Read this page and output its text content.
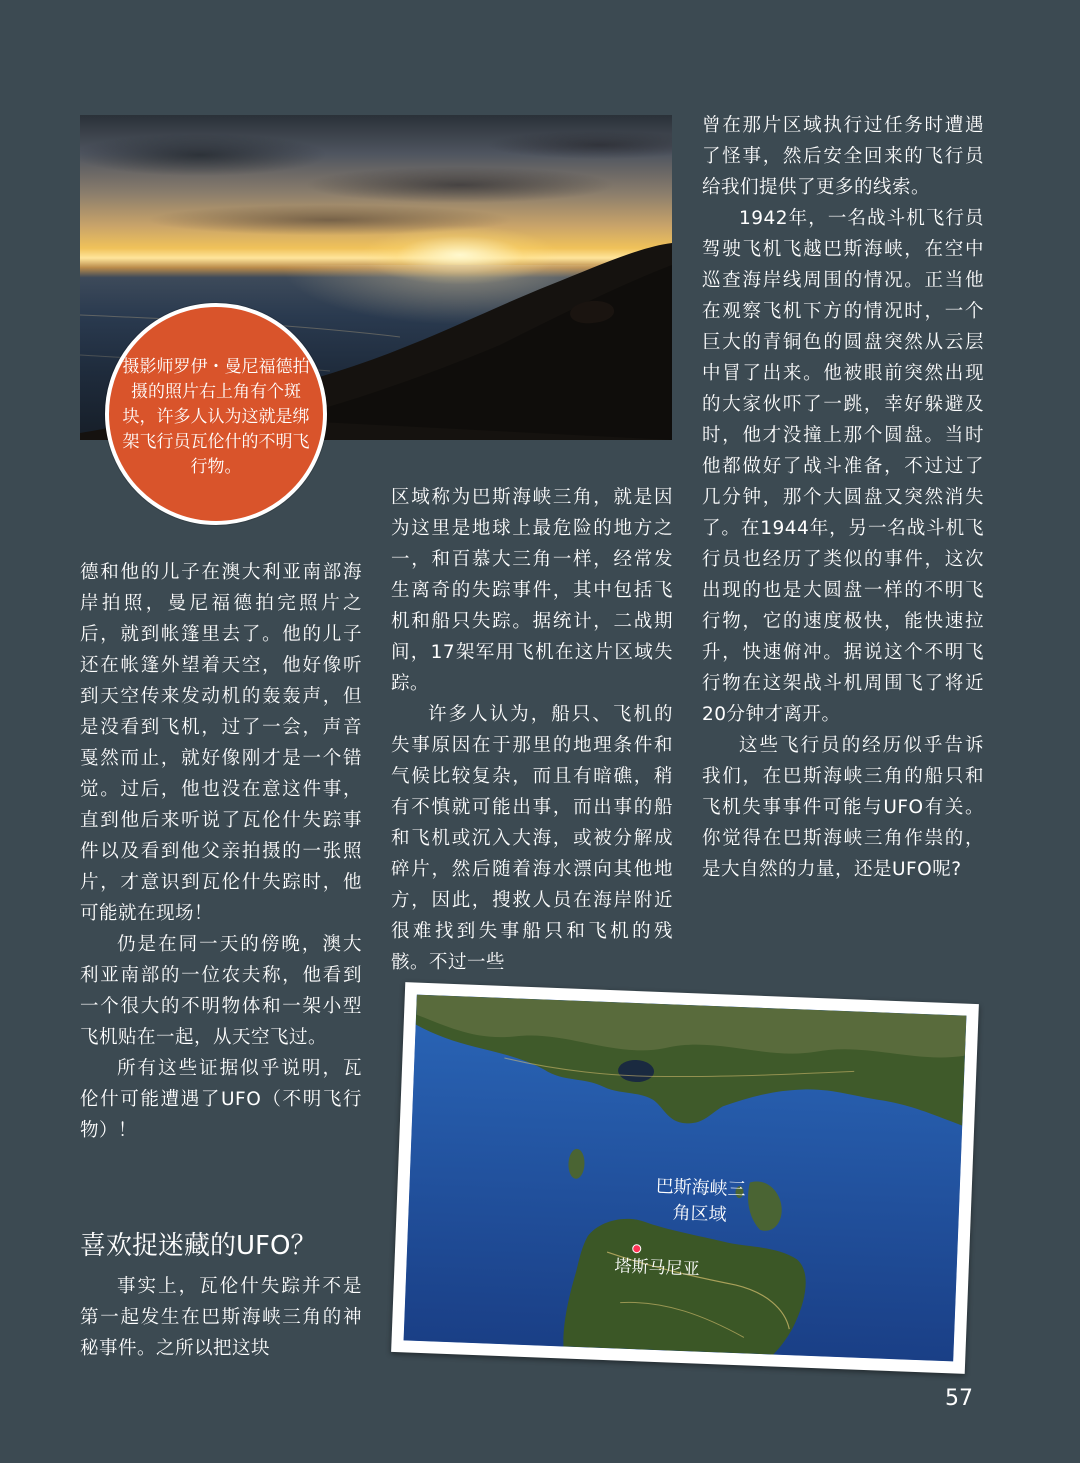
摄影师罗伊・曼尼福德拍摄的照片右上角有个斑块，许多人认为这就是绑架飞行员瓦伦什的不明飞行物。

德和他的儿子在澳大利亚南部海岸拍照，曼尼福德拍完照片之后，就到帐篷里去了。他的儿子还在帐篷外望着天空，他好像听到天空传来发动机的轰轰声，但是没看到飞机，过了一会，声音戛然而止，就好像刚才是一个错觉。过后，他也没在意这件事，直到他后来听说了瓦伦什失踪事件以及看到他父亲拍摄的一张照片，才意识到瓦伦什失踪时，他可能就在现场！

仍是在同一天的傍晚，澳大利亚南部的一位农夫称，他看到一个很大的不明物体和一架小型飞机贴在一起，从天空飞过。

所有这些证据似乎说明，瓦伦什可能遭遇了UFO（不明飞行物）！

喜欢捉迷藏的UFO？

事实上，瓦伦什失踪并不是第一起发生在巴斯海峡三角的神秘事件。之所以把这块

区域称为巴斯海峡三角，就是因为这里是地球上最危险的地方之一，和百慕大三角一样，经常发生离奇的失踪事件，其中包括飞机和船只失踪。据统计，二战期间，17架军用飞机在这片区域失踪。

许多人认为，船只、飞机的失事原因在于那里的地理条件和气候比较复杂，而且有暗礁，稍有不慎就可能出事，而出事的船和飞机或沉入大海，或被分解成碎片，然后随着海水漂向其他地方，因此，搜救人员在海岸附近很难找到失事船只和飞机的残骸。不过一些

曾在那片区域执行过任务时遭遇了怪事，然后安全回来的飞行员给我们提供了更多的线索。

1942年，一名战斗机飞行员驾驶飞机飞越巴斯海峡，在空中巡查海岸线周围的情况。正当他在观察飞机下方的情况时，一个巨大的青铜色的圆盘突然从云层中冒了出来。他被眼前突然出现的大家伙吓了一跳，幸好躲避及时，他才没撞上那个圆盘。当时他都做好了战斗准备，不过过了几分钟，那个大圆盘又突然消失了。在1944年，另一名战斗机飞行员也经历了类似的事件，这次出现的也是大圆盘一样的不明飞行物，它的速度极快，能快速拉升，快速俯冲。据说这个不明飞行物在这架战斗机周围飞了将近20分钟才离开。

这些飞行员的经历似乎告诉我们，在巴斯海峡三角的船只和飞机失事事件可能与UFO有关。你觉得在巴斯海峡三角作祟的，是大自然的力量，还是UFO呢?

巴斯海峡三角区域
塔斯马尼亚
57
